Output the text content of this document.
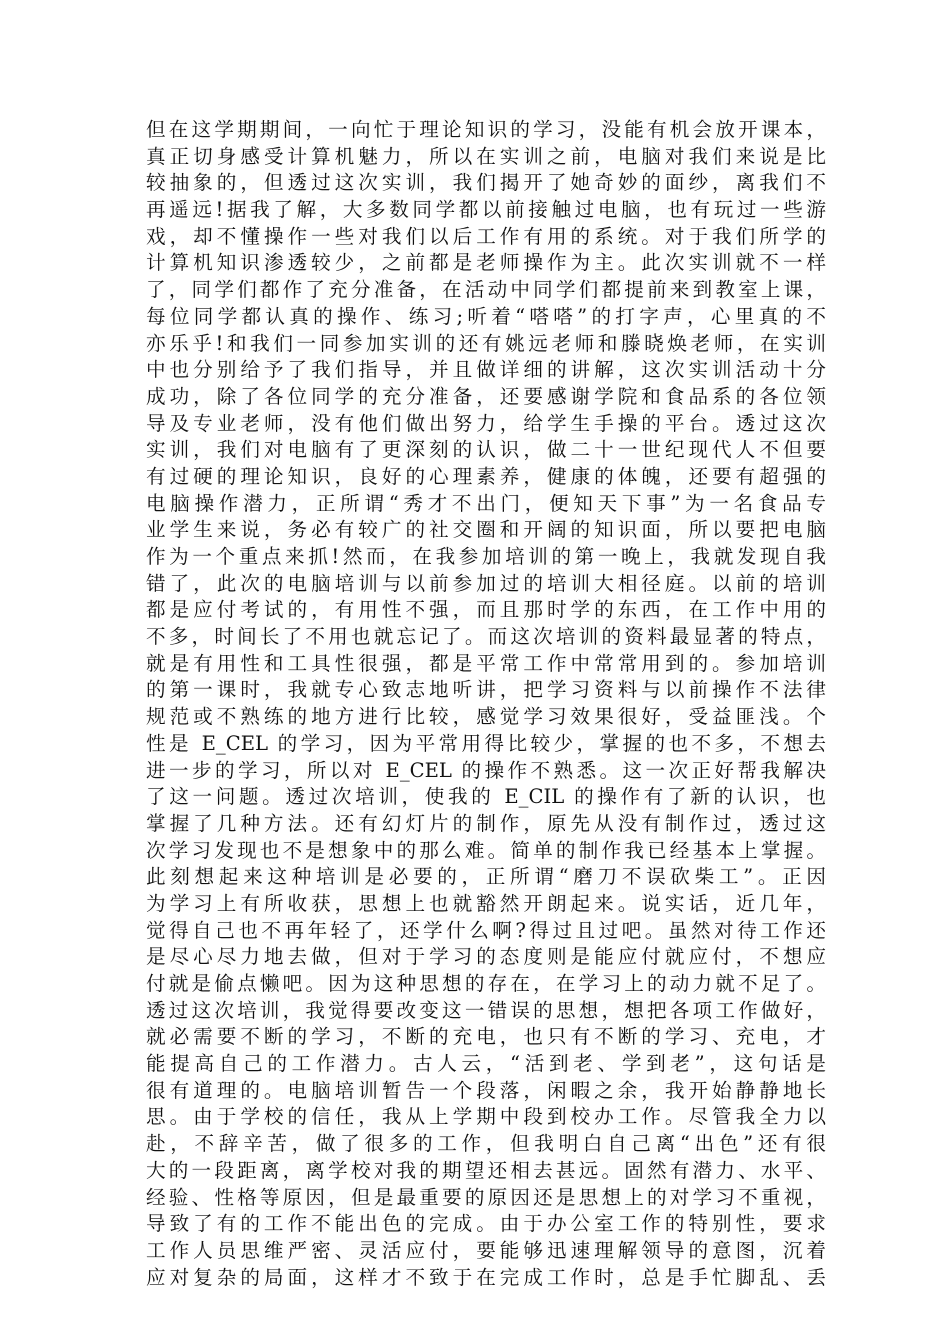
但在这学期期间，一向忙于理论知识的学习，没能有机会放开课本，
真正切身感受计算机魅力，所以在实训之前，电脑对我们来说是比
较抽象的，但透过这次实训，我们揭开了她奇妙的面纱，离我们不
再遥远!据我了解，大多数同学都以前接触过电脑，也有玩过一些游
戏，却不懂操作一些对我们以后工作有用的系统。对于我们所学的
计算机知识渗透较少，之前都是老师操作为主。此次实训就不一样
了，同学们都作了充分准备，在活动中同学们都提前来到教室上课，
每位同学都认真的操作、练习;听着“嗒嗒”的打字声，心里真的不
亦乐乎!和我们一同参加实训的还有姚远老师和滕晓焕老师，在实训
中也分别给予了我们指导，并且做详细的讲解，这次实训活动十分
成功，除了各位同学的充分准备，还要感谢学院和食品系的各位领
导及专业老师，没有他们做出努力，给学生手操的平台。透过这次
实训，我们对电脑有了更深刻的认识，做二十一世纪现代人不但要
有过硬的理论知识，良好的心理素养，健康的体魄，还要有超强的
电脑操作潜力，正所谓“秀才不出门，便知天下事”为一名食品专
业学生来说，务必有较广的社交圈和开阔的知识面，所以要把电脑
作为一个重点来抓!然而，在我参加培训的第一晚上，我就发现自我
错了，此次的电脑培训与以前参加过的培训大相径庭。以前的培训
都是应付考试的，有用性不强，而且那时学的东西，在工作中用的
不多，时间长了不用也就忘记了。而这次培训的资料最显著的特点，
就是有用性和工具性很强，都是平常工作中常常用到的。参加培训
的第一课时，我就专心致志地听讲，把学习资料与以前操作不法律
规范或不熟练的地方进行比较，感觉学习效果很好，受益匪浅。个
性是 E_CEL 的学习，因为平常用得比较少，掌握的也不多，不想去
进一步的学习，所以对 E_CEL 的操作不熟悉。这一次正好帮我解决
了这一问题。透过次培训，使我的 E_CIL 的操作有了新的认识，也
掌握了几种方法。还有幻灯片的制作，原先从没有制作过，透过这
次学习发现也不是想象中的那么难。简单的制作我已经基本上掌握。
此刻想起来这种培训是必要的，正所谓“磨刀不误砍柴工”。正因
为学习上有所收获，思想上也就豁然开朗起来。说实话，近几年，
觉得自己也不再年轻了，还学什么啊?得过且过吧。虽然对待工作还
是尽心尽力地去做，但对于学习的态度则是能应付就应付，不想应
付就是偷点懒吧。因为这种思想的存在，在学习上的动力就不足了。
透过这次培训，我觉得要改变这一错误的思想，想把各项工作做好，
就必需要不断的学习，不断的充电，也只有不断的学习、充电，才
能提高自己的工作潜力。古人云，“活到老、学到老”，这句话是
很有道理的。电脑培训暂告一个段落，闲暇之余，我开始静静地长
思。由于学校的信任，我从上学期中段到校办工作。尽管我全力以
赴，不辞辛苦，做了很多的工作，但我明白自己离“出色”还有很
大的一段距离，离学校对我的期望还相去甚远。固然有潜力、水平、
经验、性格等原因，但是最重要的原因还是思想上的对学习不重视，
导致了有的工作不能出色的完成。由于办公室工作的特别性，要求
工作人员思维严密、灵活应付，要能够迅速理解领导的意图，沉着
应对复杂的局面，这样才不致于在完成工作时，总是手忙脚乱、丢
